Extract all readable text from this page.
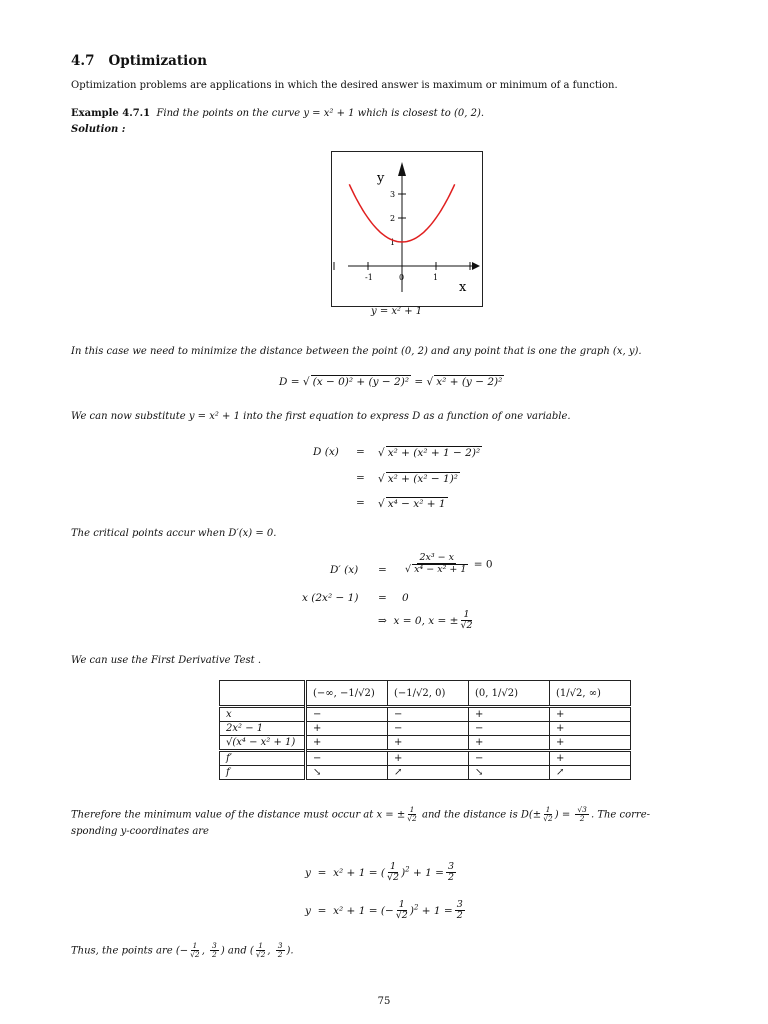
4.7 Optimization
Optimization problems are applications in which the desired answer is maximum or minimum of a function.
Example 4.7.1 Find the points on the curve y = x² + 1 which is closest to (0, 2).
Solution :
-1	0	1
1
2
3
y
x
y = x² + 1
In this case we need to minimize the distance between the point (0, 2) and any point that is one the graph (x, y).
D = √ (x − 0)² + (y − 2)² = √ x² + (y − 2)²
We can now substitute y = x² + 1 into the first equation to express D as a function of one variable.
D (x) = √ x² + (x² + 1 − 2)²
= √ x² + (x² − 1)²
= √ x⁴ − x² + 1
The critical points accur when D′(x) = 0.
D′ $(x) = \frac{\text{2x³ − x}}{\text{√ x⁴ − x² + 1}} = 0$
x (2x² − 1) = 0
⇒ x = 0, x = ± $\frac{1}{√2}$
We can use the First Derivative Test .
	(−∞, −1/√2)	(−1/√2, 0)	(0, 1/√2)	(1/√2, ∞)
x	−	−	+	+
2x² − 1	+	−	−	+
√(x⁴ − x² + 1)	+	+	+	+
f′	−	+	−	+
f	↘	↗	↘	↗
Therefore the minimum value of the distance must occur at x = ± $\frac{1}{√2}$ and the distance is $D(\pm \frac{1}{√2}$ ) = $\frac{√3}{2}$ . The corre-
sponding y-coordinates are
y  =  x² + 1 = ( $\frac{1}{√2} )^2 + 1 = \frac{3}{2}$
y  =  x² + 1 = (− $\frac{1}{√2} )^2 + 1 = \frac{3}{2}$
Thus, the points are (− $\frac{1}{√2}$ , $\frac{3}{2}$ ) and ( $\frac{1}{√2}$ , $\frac{3}{2}$ ).
75
